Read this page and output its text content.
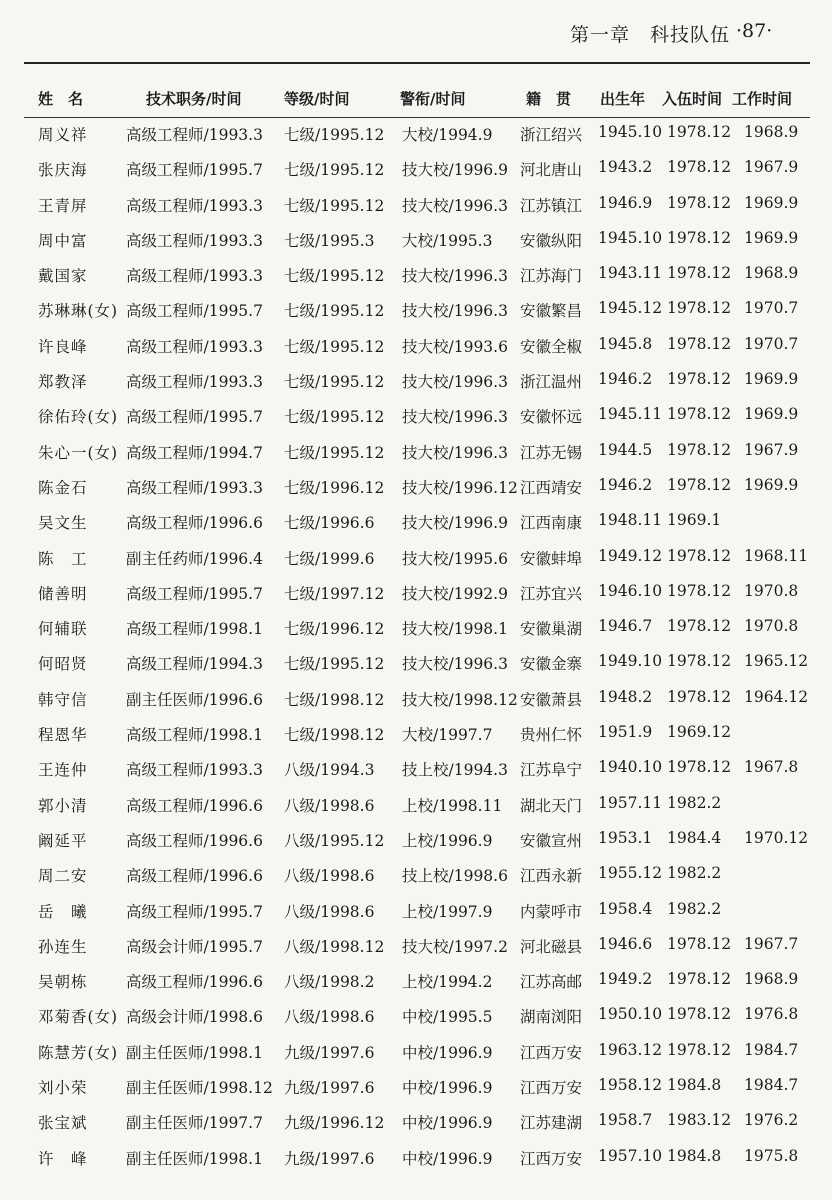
第一章　科技队伍 ·87·
姓　名	技术职务/时间	等级/时间	警衔/时间	籍　贯 出生年 入伍时间 工作时间
周义祥 高级工程师/1993.3 七级/1995.12 大校/1994.9 浙江绍兴 1945.10 1978.12 1968.9
张庆海 高级工程师/1995.7 七级/1995.12 技大校/1996.9 河北唐山 1943.2 1978.12 1967.9
王青屏 高级工程师/1993.3 七级/1995.12 技大校/1996.3 江苏镇江 1946.9 1978.12 1969.9
周中富 高级工程师/1993.3 七级/1995.3 大校/1995.3 安徽纵阳 1945.10 1978.12 1969.9
戴国家 高级工程师/1993.3 七级/1995.12 技大校/1996.3 江苏海门 1943.11 1978.12 1968.9
苏琳琳(女) 高级工程师/1995.7 七级/1995.12 技大校/1996.3 安徽繁昌 1945.12 1978.12 1970.7
许良峰 高级工程师/1993.3 七级/1995.12 技大校/1993.6 安徽全椒 1945.8 1978.12 1970.7
郑教泽 高级工程师/1993.3 七级/1995.12 技大校/1996.3 浙江温州 1946.2 1978.12 1969.9
徐佑玲(女) 高级工程师/1995.7 七级/1995.12 技大校/1996.3 安徽怀远 1945.11 1978.12 1969.9
朱心一(女) 高级工程师/1994.7 七级/1995.12 技大校/1996.3 江苏无锡 1944.5 1978.12 1967.9
陈金石 高级工程师/1993.3 七级/1996.12 技大校/1996.12 江西靖安 1946.2 1978.12 1969.9
吴文生 高级工程师/1996.6 七级/1996.6 技大校/1996.9 江西南康 1948.11 1969.1
陈　工 副主任药师/1996.4 七级/1999.6 技大校/1995.6 安徽蚌埠 1949.12 1978.12 1968.11
储善明 高级工程师/1995.7 七级/1997.12 技大校/1992.9 江苏宜兴 1946.10 1978.12 1970.8
何辅联 高级工程师/1998.1 七级/1996.12 技大校/1998.1 安徽巢湖 1946.7 1978.12 1970.8
何昭贤 高级工程师/1994.3 七级/1995.12 技大校/1996.3 安徽金寨 1949.10 1978.12 1965.12
韩守信 副主任医师/1996.6 七级/1998.12 技大校/1998.12 安徽萧县 1948.2 1978.12 1964.12
程恩华 高级工程师/1998.1 七级/1998.12 大校/1997.7 贵州仁怀 1951.9 1969.12
王连仲 高级工程师/1993.3 八级/1994.3 技上校/1994.3 江苏阜宁 1940.10 1978.12 1967.8
郭小清 高级工程师/1996.6 八级/1998.6 上校/1998.11 湖北天门 1957.11 1982.2
阚延平 高级工程师/1996.6 八级/1995.12 上校/1996.9 安徽宣州 1953.1 1984.4 1970.12
周二安 高级工程师/1996.6 八级/1998.6 技上校/1998.6 江西永新 1955.12 1982.2
岳　曦 高级工程师/1995.7 八级/1998.6 上校/1997.9 内蒙呼市 1958.4 1982.2
孙连生 高级会计师/1995.7 八级/1998.12 技大校/1997.2 河北磁县 1946.6 1978.12 1967.7
吴朝栋 高级工程师/1996.6 八级/1998.2 上校/1994.2 江苏高邮 1949.2 1978.12 1968.9
邓菊香(女) 高级会计师/1998.6 八级/1998.6 中校/1995.5 湖南浏阳 1950.10 1978.12 1976.8
陈慧芳(女) 副主任医师/1998.1 九级/1997.6 中校/1996.9 江西万安 1963.12 1978.12 1984.7
刘小荣 副主任医师/1998.12 九级/1997.6 中校/1996.9 江西万安 1958.12 1984.8 1984.7
张宝斌 副主任医师/1997.7 九级/1996.12 中校/1996.9 江苏建湖 1958.7 1983.12 1976.2
许　峰 副主任医师/1998.1 九级/1997.6 中校/1996.9 江西万安 1957.10 1984.8 1975.8
